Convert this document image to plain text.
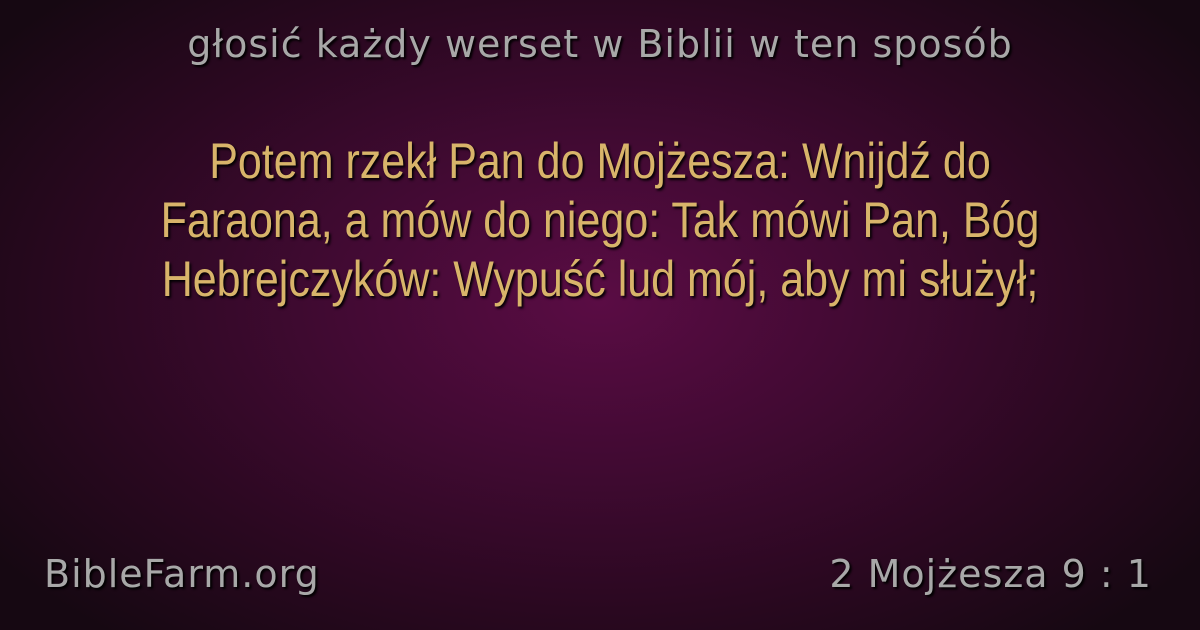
głosić każdy werset w Biblii w ten sposób
Potem rzekł Pan do Mojżesza: Wnijdź do Faraona, a mów do niego: Tak mówi Pan, Bóg Hebrejczyków: Wypuść lud mój, aby mi służył;
BibleFarm.org	2 Mojżesza 9 : 1
